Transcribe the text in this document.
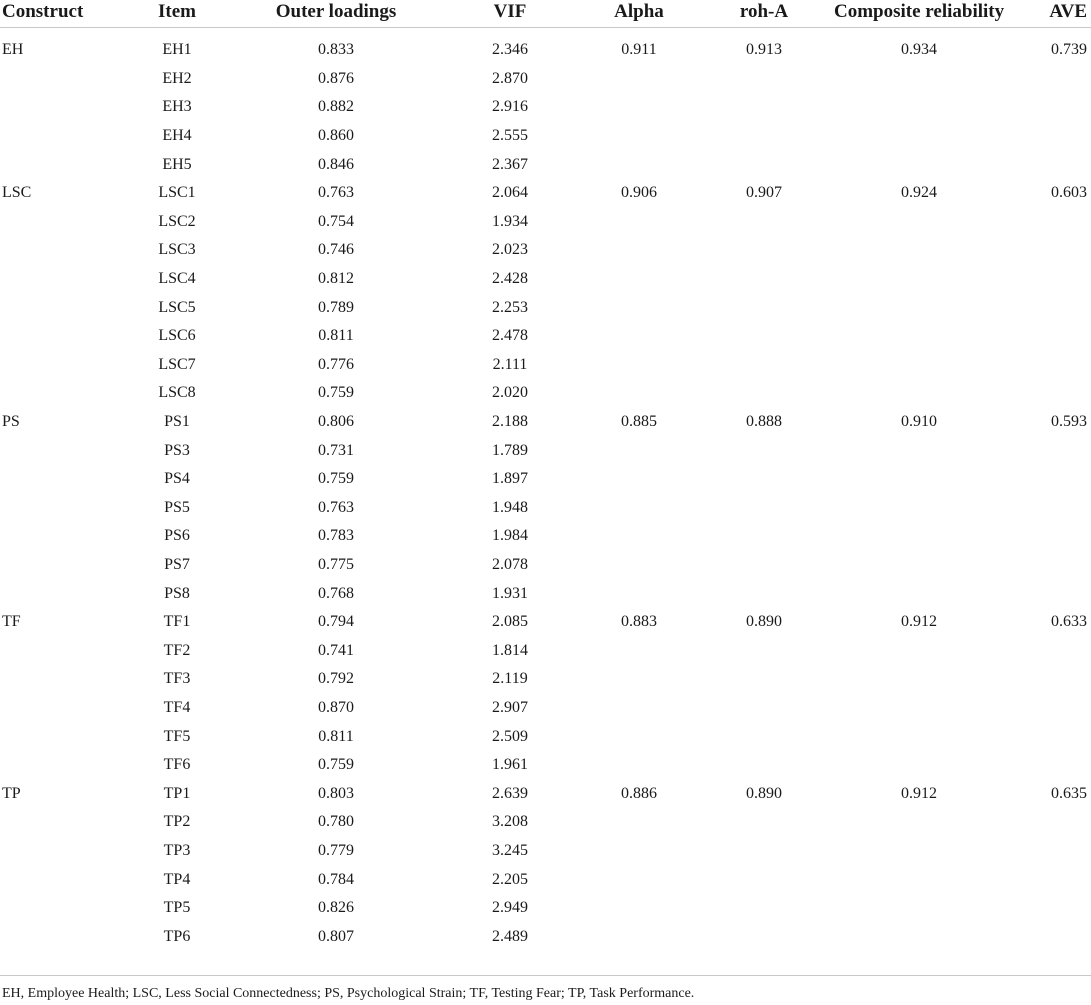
Construct	Item	Outer loadings	VIF	Alpha	roh-A	Composite reliability	AVE
EH	EH1	0.833	2.346	0.911	0.913	0.934	0.739
	EH2	0.876	2.870				
	EH3	0.882	2.916				
	EH4	0.860	2.555				
	EH5	0.846	2.367				
LSC	LSC1	0.763	2.064	0.906	0.907	0.924	0.603
	LSC2	0.754	1.934				
	LSC3	0.746	2.023				
	LSC4	0.812	2.428				
	LSC5	0.789	2.253				
	LSC6	0.811	2.478				
	LSC7	0.776	2.111				
	LSC8	0.759	2.020				
PS	PS1	0.806	2.188	0.885	0.888	0.910	0.593
	PS3	0.731	1.789				
	PS4	0.759	1.897				
	PS5	0.763	1.948				
	PS6	0.783	1.984				
	PS7	0.775	2.078				
	PS8	0.768	1.931				
TF	TF1	0.794	2.085	0.883	0.890	0.912	0.633
	TF2	0.741	1.814				
	TF3	0.792	2.119				
	TF4	0.870	2.907				
	TF5	0.811	2.509				
	TF6	0.759	1.961				
TP	TP1	0.803	2.639	0.886	0.890	0.912	0.635
	TP2	0.780	3.208				
	TP3	0.779	3.245				
	TP4	0.784	2.205				
	TP5	0.826	2.949				
	TP6	0.807	2.489				
EH, Employee Health; LSC, Less Social Connectedness; PS, Psychological Strain; TF, Testing Fear; TP, Task Performance.
